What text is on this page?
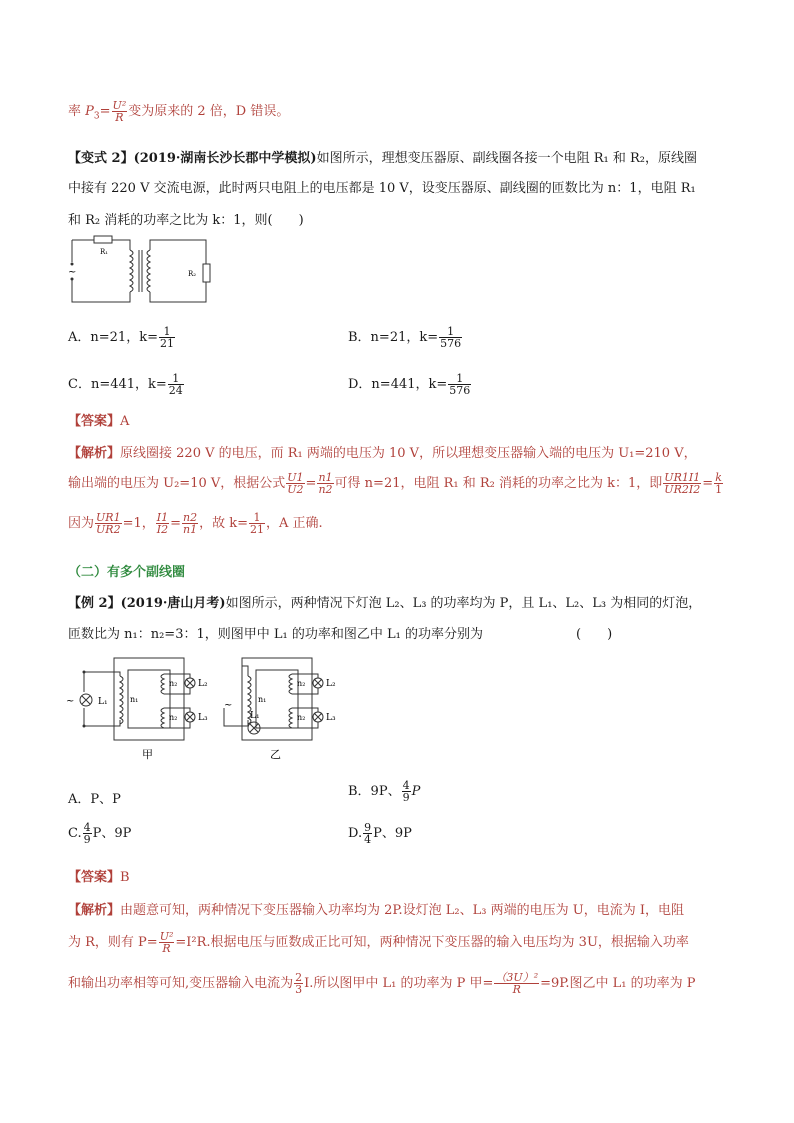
率 $P_3= \frac{\text{U²}}{R}$ 变为原来的 2 倍，D 错误。
【变式 2】(2019·湖南长沙长郡中学模拟)如图所示，理想变压器原、副线圈各接一个电阻 R₁ 和 R₂，原线圈
中接有 220 V 交流电源，此时两只电阻上的电压都是 10 V，设变压器原、副线圈的匝数比为 n：1，电阻 R₁
和 R₂ 消耗的功率之比为 k：1，则(　　)
~
R₁
R₂
A．n=21，$k= \frac{1}{21}$	B．n=21，$k= \frac{1}{576}$
C．n=441，$k= \frac{1}{24}$	D．n=441，$k= \frac{1}{576}$
【答案】A
【解析】原线圈接 220 V 的电压，而 R₁ 两端的电压为 10 V，所以理想变压器输入端的电压为 U₁=210 V，
输出端的电压为 U₂=10 V，根据公式 $\frac{U1}{U2} = \frac{n1}{n2}$ 可得 n=21，电阻 R₁ 和 R₂ 消耗的功率之比为 k：1，即 $\frac{UR1I1}{UR2I2} = \frac{k}{1}$
因为 $\frac{UR1}{UR2} =1$， $\frac{I1}{I2} = \frac{n2}{n1}$ ，故 $k= \frac{1}{21}$ ，A 正确.
（二）有多个副线圈
【例 2】(2019·唐山月考)如图所示，两种情况下灯泡 L₂、L₃ 的功率均为 P，且 L₁、L₂、L₃ 为相同的灯泡，
匝数比为 n₁：n₂=3：1，则图甲中 L₁ 的功率和图乙中 L₁ 的功率分别为	(　　)
~	~
L₁
L₂
L₃
n₁
n₂
n₂	L₁
L₂
L₃
n₁
n₂
n₂
甲	乙
A．P、P
B．9P、 $\frac{4}{9}$ P
C. $\frac{4}{9}$ P、9P	D. $\frac{9}{4}$ P、9P
【答案】B
【解析】由题意可知，两种情况下变压器输入功率均为 2P.设灯泡 L₂、L₃ 两端的电压为 U，电流为 I，电阻
为 R，则有 $P= \frac{\text{U²}}{R} =I^2R$.根据电压与匝数成正比可知，两种情况下变压器的输入电压均为 3U，根据输入功率
和输出功率相等可知,变压器输入电流为 $\frac{2}{3} I$.所以图甲中 L₁ 的功率为 P 甲= $\frac{\text{（3U）²}}{R} =9P$.图乙中 L₁ 的功率为 P
